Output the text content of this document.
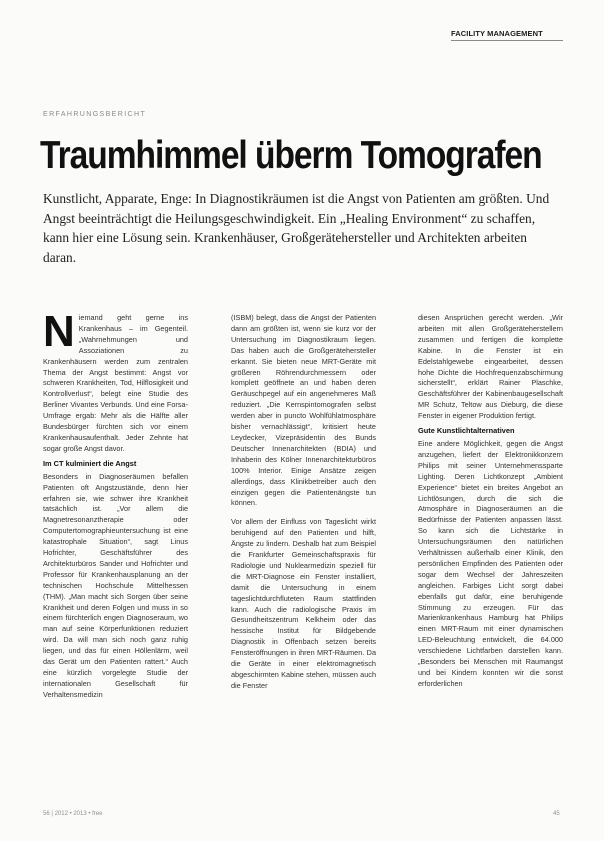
FACILITY MANAGEMENT
ERFAHRUNGSBERICHT
Traumhimmel überm Tomografen
Kunstlicht, Apparate, Enge: In Diagnostikräumen ist die Angst von Patienten am größten. Und Angst beeinträchtigt die Heilungsgeschwindigkeit. Ein „Healing Environment“ zu schaffen, kann hier eine Lösung sein. Krankenhäuser, Großgerätehersteller und Architekten arbeiten daran.

Niemand geht gerne ins Krankenhaus – im Gegenteil. „Wahrnehmungen und Assoziationen zu Krankenhäusern werden zum zentralen Thema der Angst bestimmt: Angst vor schweren Krankheiten, Tod, Hilflosigkeit und Kontrollverlust“, belegt eine Studie des Berliner Vivantes Verbunds. Und eine Forsa-Umfrage ergab: Mehr als die Hälfte aller Bundesbürger fürchten sich vor einem Krankenhausaufenthalt. Jeder Zehnte hat sogar große Angst davor.

Im CT kulminiert die Angst

Besonders in Diagnoseräumen befallen Patienten oft Angstzustände, denn hier erfahren sie, wie schwer ihre Krankheit tatsächlich ist. „Vor allem die Magnetresonanztherapie oder Computertomographieuntersuchung ist eine katastrophale Situation“, sagt Linus Hofrichter, Geschäftsführer des Architekturbüros Sander und Hofrichter und Professor für Krankenhausplanung an der technischen Hochschule Mittelhessen (THM). „Man macht sich Sorgen über seine Krankheit und deren Folgen und muss in so einem fürchterlich engen Diagnoseraum, wo man auf seine Körperfunktionen reduziert wird. Da will man sich noch ganz ruhig liegen, und das für einen Höllenlärm, weil das Gerät um den Patienten rattert.“ Auch eine kürzlich vorgelegte Studie der internationalen Gesellschaft für Verhaltensmedizin

(ISBM) belegt, dass die Angst der Patienten dann am größten ist, wenn sie kurz vor der Untersuchung im Diagnostikraum liegen. Das haben auch die Großgerätehersteller erkannt. Sie bieten neue MRT-Geräte mit größeren Röhrendurchmessern oder komplett geöffnete an und haben deren Geräuschpegel auf ein angenehmeres Maß reduziert. „Die Kernspintomografen selbst werden aber in puncto Wohlfühlatmosphäre bisher vernachlässigt“, kritisiert heute Leydecker, Vizepräsidentin des Bunds Deutscher Innenarchitekten (BDIA) und Inhaberin des Kölner Innenarchitekturbüros 100% Interior. Einige Ansätze zeigen allerdings, dass Klinikbetreiber auch den einzigen gegen die Patientenängste tun können.

Vor allem der Einfluss von Tageslicht wirkt beruhigend auf den Patienten und hilft, Ängste zu lindern. Deshalb hat zum Beispiel die Frankfurter Gemeinschaftspraxis für Radiologie und Nuklearmedizin speziell für die MRT-Diagnose ein Fenster installiert, damit die Untersuchung in einem tageslichtdurchfluteten Raum stattfinden kann. Auch die radiologische Praxis im Gesundheitszentrum Kelkheim oder das hessische Institut für Bildgebende Diagnostik in Offenbach setzen bereits Fensteröffnungen in ihren MRT-Räumen. Da die Geräte in einer elektromagnetisch abgeschirmten Kabine stehen, müssen auch die Fenster

diesen Ansprüchen gerecht werden. „Wir arbeiten mit allen Großgeräteherstellern zusammen und fertigen die komplette Kabine. In die Fenster ist ein Edelstahlgewebe eingearbeitet, dessen hohe Dichte die Hochfrequenzabschirmung sicherstellt“, erklärt Rainer Plaschke, Geschäftsführer der Kabinenbaugesellschaft MR Schutz, Teltow aus Dieburg, die diese Fenster in eigener Produktion fertigt.

Gute Kunstlichtalternativen

Eine andere Möglichkeit, gegen die Angst anzugehen, liefert der Elektronikkonzern Philips mit seiner Unternehmenssparte Lighting. Deren Lichtkonzept „Ambient Experience“ bietet ein breites Angebot an Lichtlösungen, durch die sich die Atmosphäre in Diagnoseräumen an die Bedürfnisse der Patienten anpassen lässt. So kann sich die Lichtstärke in Untersuchungsräumen den natürlichen Verhältnissen außerhalb einer Klinik, den persönlichen Empfinden des Patienten oder sogar dem Wechsel der Jahreszeiten angleichen. Farbiges Licht sorgt dabei ebenfalls gut dafür, eine beruhigende Stimmung zu erzeugen. Für das Marienkrankenhaus Hamburg hat Philips einen MRT-Raum mit einer dynamischen LED-Beleuchtung entwickelt, die 64.000 verschiedene Lichtfarben darstellen kann. „Besonders bei Menschen mit Raumangst und bei Kindern konnten wir die sonst erforderlichen

56 | 2012 • 2013 • free	45
